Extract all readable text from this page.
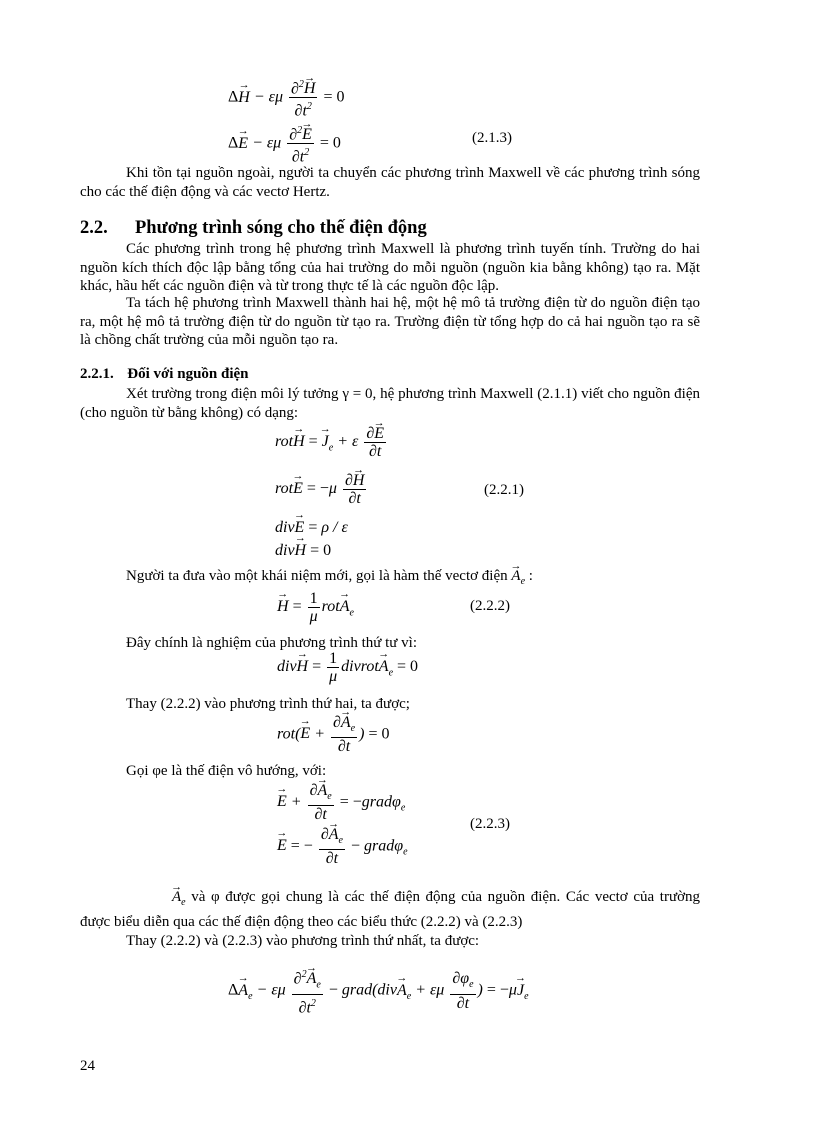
Δ→ H − εμ $\frac{\partial^2\to H}{\partial t^2} = 0$
Δ→ E − εμ $\frac{\partial^2\to E}{\partial t^2} = 0$	(2.1.3)

Khi tồn tại nguồn ngoài, người ta chuyển các phương trình Maxwell về các phương trình sóng cho các thế điện động và các vectơ Hertz.

2.2. Phương trình sóng cho thế điện động

Các phương trình trong hệ phương trình Maxwell là phương trình tuyến tính. Trường do hai nguồn kích thích độc lập bằng tổng của hai trường do mỗi nguồn (nguồn kia bằng không) tạo ra. Mặt khác, hầu hết các nguồn điện và từ trong thực tế là các nguồn độc lập.

Ta tách hệ phương trình Maxwell thành hai hệ, một hệ mô tả trường điện từ do nguồn điện tạo ra, một hệ mô tả trường điện từ do nguồn từ tạo ra. Trường điện từ tổng hợp do cả hai nguồn tạo ra sẽ là chồng chất trường của mỗi nguồn tạo ra.

2.2.1. Đối với nguồn điện

Xét trường trong điện môi lý tưởng γ = 0, hệ phương trình Maxwell (2.1.1) viết cho nguồn điện (cho nguồn từ bằng không) có dạng:

rot→ H = → $J_e + \varepsilon \frac{\partial\to E}{\partial t}$
$rot\to E = -\mu \frac{\partial\to H}{\partial t}$	(2.2.1)
div→ E = ρ / ε
div→ H = 0

Người ta đưa vào một khái niệm mới, gọi là hàm thế vectơ điện → $A_e$ :

→ $H = \frac{1}{\mu} rot\to A_e$	(2.2.2)

Đây chính là nghiệm của phương trình thứ tư vì:

$div\to H = \frac{1}{\mu}$ divrot→ $A_e = 0$

Thay (2.2.2) vào phương trình thứ hai, ta được;

$rot(\to E + \frac{\partial\to A_e}{\partial t}$ ) = 0

Gọi φe là thế điện vô hướng, với:

→ $E + \frac{\partial\to A_e}{\partial t}$ = −gradφ$_e$
(2.2.3)
→ E = − $\frac{\partial\to A_e}{\partial t}$ − gradφ$_e$

→ $A_e$ và φ được gọi chung là các thế điện động của nguồn điện. Các vectơ của trường được biểu diễn qua các thế điện động theo các biểu thức (2.2.2) và (2.2.3)

Thay (2.2.2) và (2.2.3) vào phương trình thứ nhất, ta được:

$\Delta\to A_e - \varepsilon\mu \frac{\partial^2\to A_e}{\partial t^2}$ − grad(div→ $A_e + \varepsilon\mu \frac{\partial\varphi_e}{\partial t}$ ) = $-\mu\to J_e$
24
